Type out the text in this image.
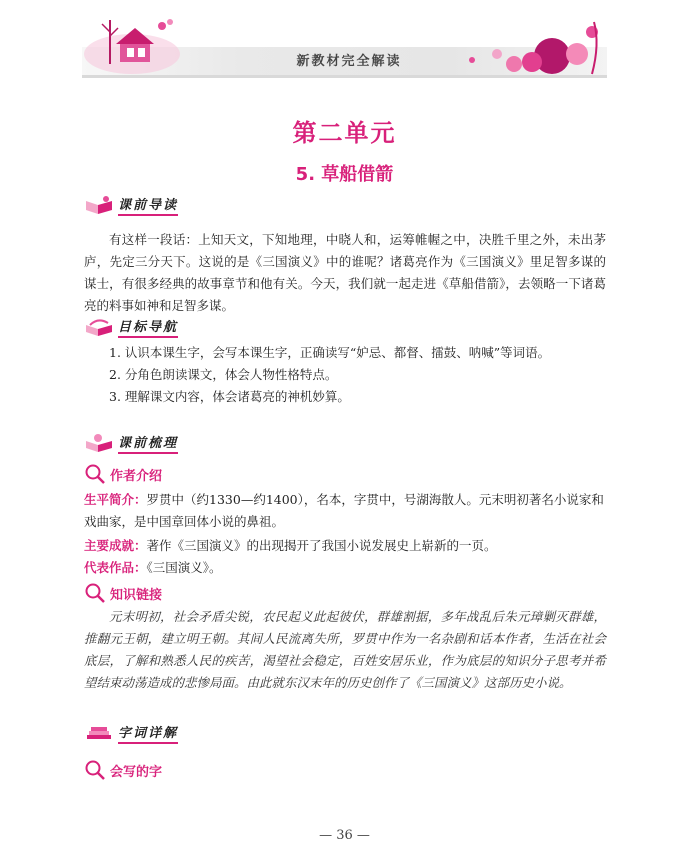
新教材完全解读
第二单元
5. 草船借箭
课前导读
有这样一段话：上知天文，下知地理，中晓人和，运筹帷幄之中，决胜千里之外，未出茅庐，先定三分天下。这说的是《三国演义》中的谁呢？诸葛亮作为《三国演义》里足智多谋的谋士，有很多经典的故事章节和他有关。今天，我们就一起走进《草船借箭》，去领略一下诸葛亮的料事如神和足智多谋。
目标导航
1. 认识本课生字，会写本课生字，正确读写“妒忌、都督、擂鼓、呐喊”等词语。
2. 分角色朗读课文，体会人物性格特点。
3. 理解课文内容，体会诸葛亮的神机妙算。
课前梳理
作者介绍
生平简介：罗贯中（约1330—约1400），名本，字贯中，号湖海散人。元末明初著名小说家和戏曲家，是中国章回体小说的鼻祖。
主要成就：著作《三国演义》的出现揭开了我国小说发展史上崭新的一页。
代表作品：《三国演义》。
知识链接
元末明初，社会矛盾尖锐，农民起义此起彼伏，群雄割据，多年战乱后朱元璋剿灭群雄，推翻元王朝，建立明王朝。其间人民流离失所，罗贯中作为一名杂剧和话本作者，生活在社会底层，了解和熟悉人民的疾苦，渴望社会稳定，百姓安居乐业，作为底层的知识分子思考并希望结束动荡造成的悲惨局面。由此就东汉末年的历史创作了《三国演义》这部历史小说。
字词详解
会写的字
— 36 —
